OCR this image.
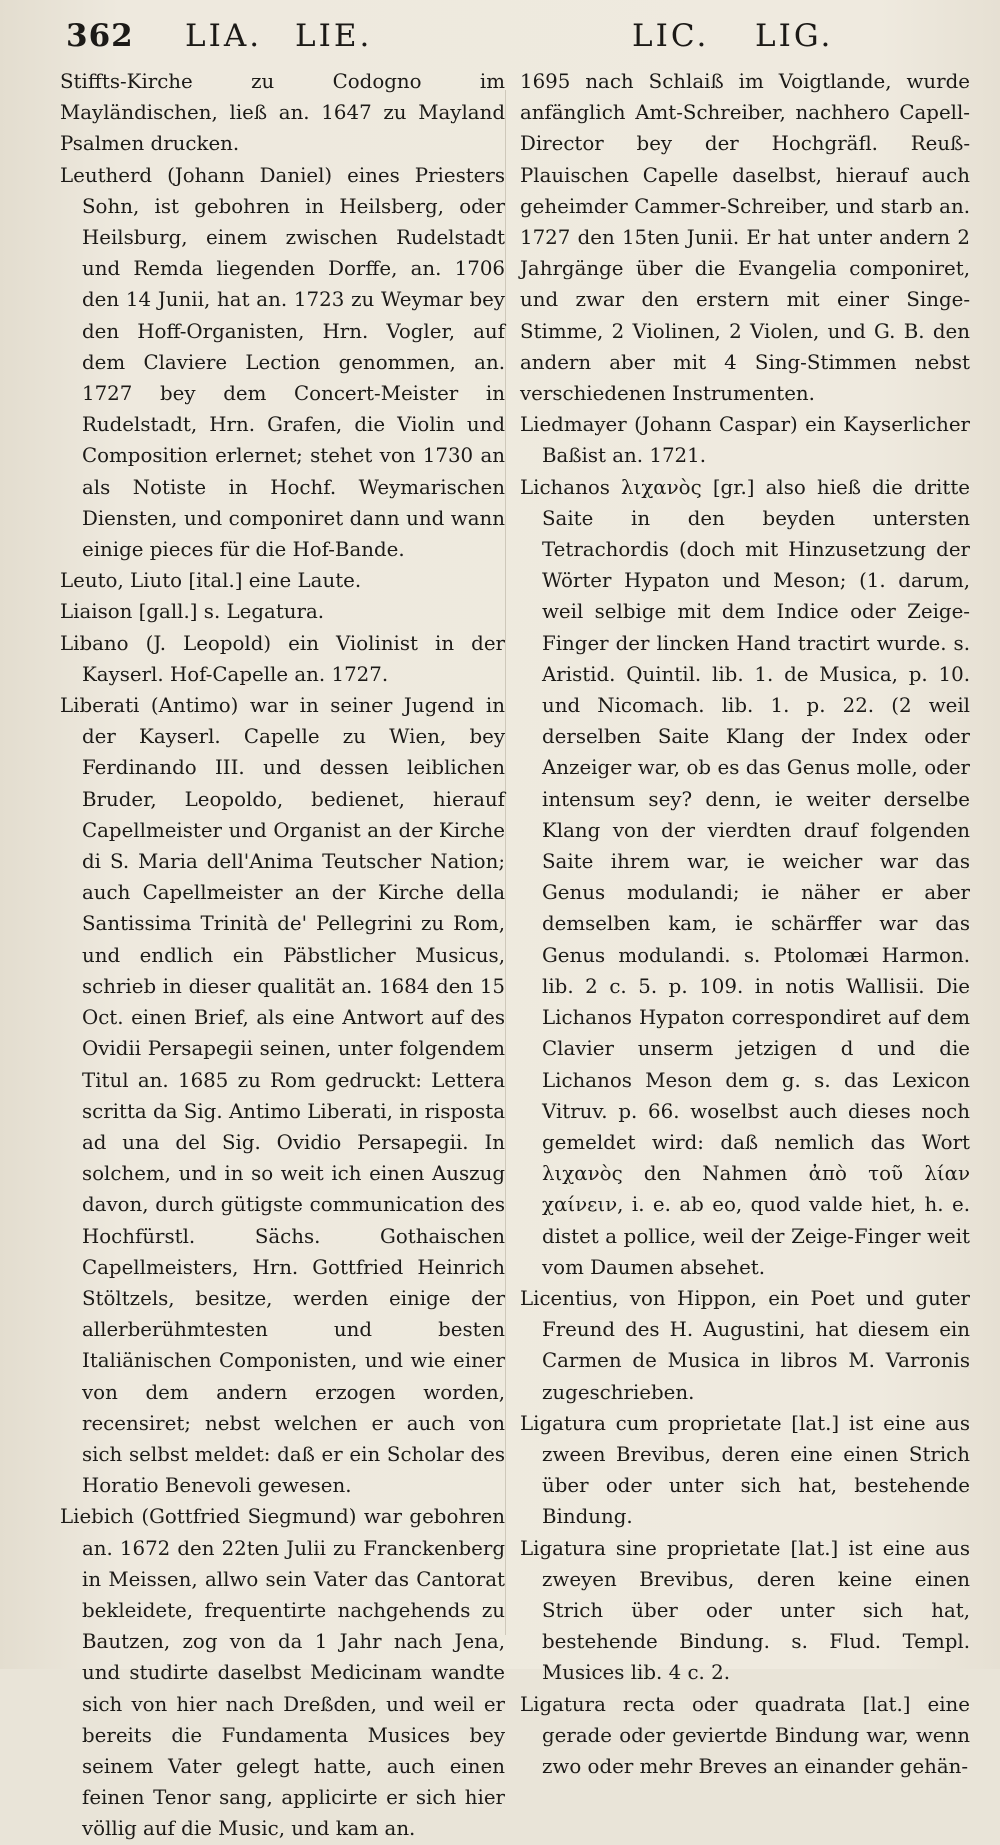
362 LIA. LIE.	LIC. LIG.

Stiffts-Kirche zu Codogno im Mayländischen, ließ an. 1647 zu Mayland Psalmen drucken.

Leutherd (Johann Daniel) eines Priesters Sohn, ist gebohren in Heilsberg, oder Heilsburg, einem zwischen Rudelstadt und Remda liegenden Dorffe, an. 1706 den 14 Junii, hat an. 1723 zu Weymar bey den Hoff-Organisten, Hrn. Vogler, auf dem Claviere Lection genommen, an. 1727 bey dem Concert-Meister in Rudelstadt, Hrn. Grafen, die Violin und Composition erlernet; stehet von 1730 an als Notiste in Hochf. Weymarischen Diensten, und componiret dann und wann einige pieces für die Hof-Bande.

Leuto, Liuto [ital.] eine Laute.

Liaison [gall.] s. Legatura.

Libano (J. Leopold) ein Violinist in der Kayserl. Hof-Capelle an. 1727.

Liberati (Antimo) war in seiner Jugend in der Kayserl. Capelle zu Wien, bey Ferdinando III. und dessen leiblichen Bruder, Leopoldo, bedienet, hierauf Capellmeister und Organist an der Kirche di S. Maria dell'Anima Teutscher Nation; auch Capellmeister an der Kirche della Santissima Trinità de' Pellegrini zu Rom, und endlich ein Päbstlicher Musicus, schrieb in dieser qualität an. 1684 den 15 Oct. einen Brief, als eine Antwort auf des Ovidii Persapegii seinen, unter folgendem Titul an. 1685 zu Rom gedruckt: Lettera scritta da Sig. Antimo Liberati, in risposta ad una del Sig. Ovidio Persapegii. In solchem, und in so weit ich einen Auszug davon, durch gütigste communication des Hochfürstl. Sächs. Gothaischen Capellmeisters, Hrn. Gottfried Heinrich Stöltzels, besitze, werden einige der allerberühmtesten und besten Italiänischen Componisten, und wie einer von dem andern erzogen worden, recensiret; nebst welchen er auch von sich selbst meldet: daß er ein Scholar des Horatio Benevoli gewesen.

Liebich (Gottfried Siegmund) war gebohren an. 1672 den 22ten Julii zu Franckenberg in Meissen, allwo sein Vater das Cantorat bekleidete, frequentirte nachgehends zu Bautzen, zog von da 1 Jahr nach Jena, und studirte daselbst Medicinam wandte sich von hier nach Dreßden, und weil er bereits die Fundamenta Musices bey seinem Vater gelegt hatte, auch einen feinen Tenor sang, applicirte er sich hier völlig auf die Music, und kam an.

1695 nach Schlaiß im Voigtlande, wurde anfänglich Amt-Schreiber, nachhero Capell-Director bey der Hochgräfl. Reuß-Plauischen Capelle daselbst, hierauf auch geheimder Cammer-Schreiber, und starb an. 1727 den 15ten Junii. Er hat unter andern 2 Jahrgänge über die Evangelia componiret, und zwar den erstern mit einer Singe-Stimme, 2 Violinen, 2 Violen, und G. B. den andern aber mit 4 Sing-Stimmen nebst verschiedenen Instrumenten.

Liedmayer (Johann Caspar) ein Kayserlicher Baßist an. 1721.

Lichanos λιχανὸς [gr.] also hieß die dritte Saite in den beyden untersten Tetrachordis (doch mit Hinzusetzung der Wörter Hypaton und Meson; (1. darum, weil selbige mit dem Indice oder Zeige-Finger der lincken Hand tractirt wurde. s. Aristid. Quintil. lib. 1. de Musica, p. 10. und Nicomach. lib. 1. p. 22. (2 weil derselben Saite Klang der Index oder Anzeiger war, ob es das Genus molle, oder intensum sey? denn, ie weiter derselbe Klang von der vierdten drauf folgenden Saite ihrem war, ie weicher war das Genus modulandi; ie näher er aber demselben kam, ie schärffer war das Genus modulandi. s. Ptolomæi Harmon. lib. 2 c. 5. p. 109. in notis Wallisii. Die Lichanos Hypaton correspondiret auf dem Clavier unserm jetzigen d und die Lichanos Meson dem g. s. das Lexicon Vitruv. p. 66. woselbst auch dieses noch gemeldet wird: daß nemlich das Wort λιχανὸς den Nahmen ἀπὸ τοῦ λίαν χαίνειν, i. e. ab eo, quod valde hiet, h. e. distet a pollice, weil der Zeige-Finger weit vom Daumen absehet.

Licentius, von Hippon, ein Poet und guter Freund des H. Augustini, hat diesem ein Carmen de Musica in libros M. Varronis zugeschrieben.

Ligatura cum proprietate [lat.] ist eine aus zween Brevibus, deren eine einen Strich über oder unter sich hat, bestehende Bindung.

Ligatura sine proprietate [lat.] ist eine aus zweyen Brevibus, deren keine einen Strich über oder unter sich hat, bestehende Bindung. s. Flud. Templ. Musices lib. 4 c. 2.

Ligatura recta oder quadrata [lat.] eine gerade oder geviertde Bindung war, wenn zwo oder mehr Breves an einander gehän-
